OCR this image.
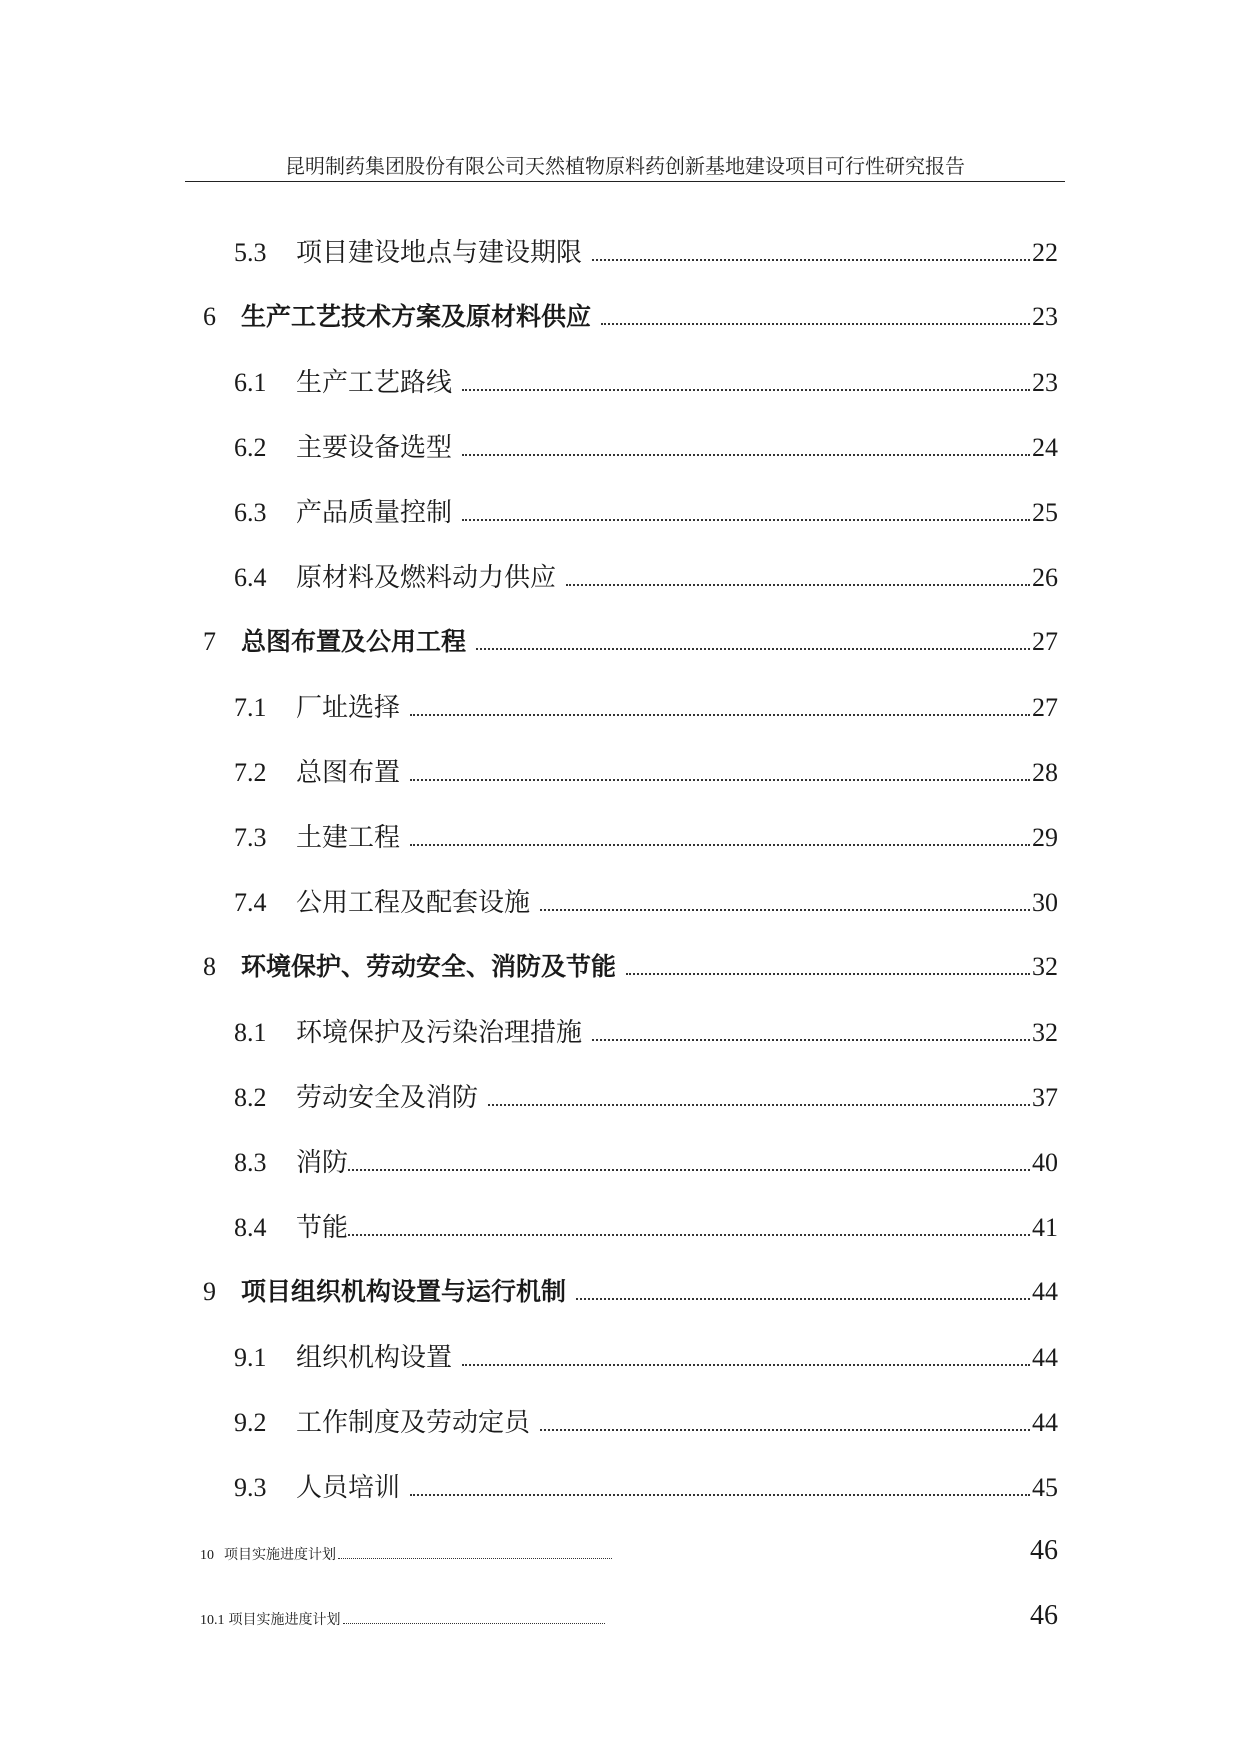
昆明制药集团股份有限公司天然植物原料药创新基地建设项目可行性研究报告
5.3	项目建设地点与建设期限	22
6	生产工艺技术方案及原材料供应	23
6.1	生产工艺路线	23
6.2	主要设备选型	24
6.3	产品质量控制	25
6.4	原材料及燃料动力供应	26
7	总图布置及公用工程	27
7.1	厂址选择	27
7.2	总图布置	28
7.3	土建工程	29
7.4	公用工程及配套设施	30
8	环境保护、劳动安全、消防及节能	32
8.1	环境保护及污染治理措施	32
8.2	劳动安全及消防	37
8.3	消防	40
8.4	节能	41
9	项目组织机构设置与运行机制	44
9.1	组织机构设置	44
9.2	工作制度及劳动定员	44
9.3	人员培训	45
10 项目实施进度计划	46
10.1 项目实施进度计划	46
